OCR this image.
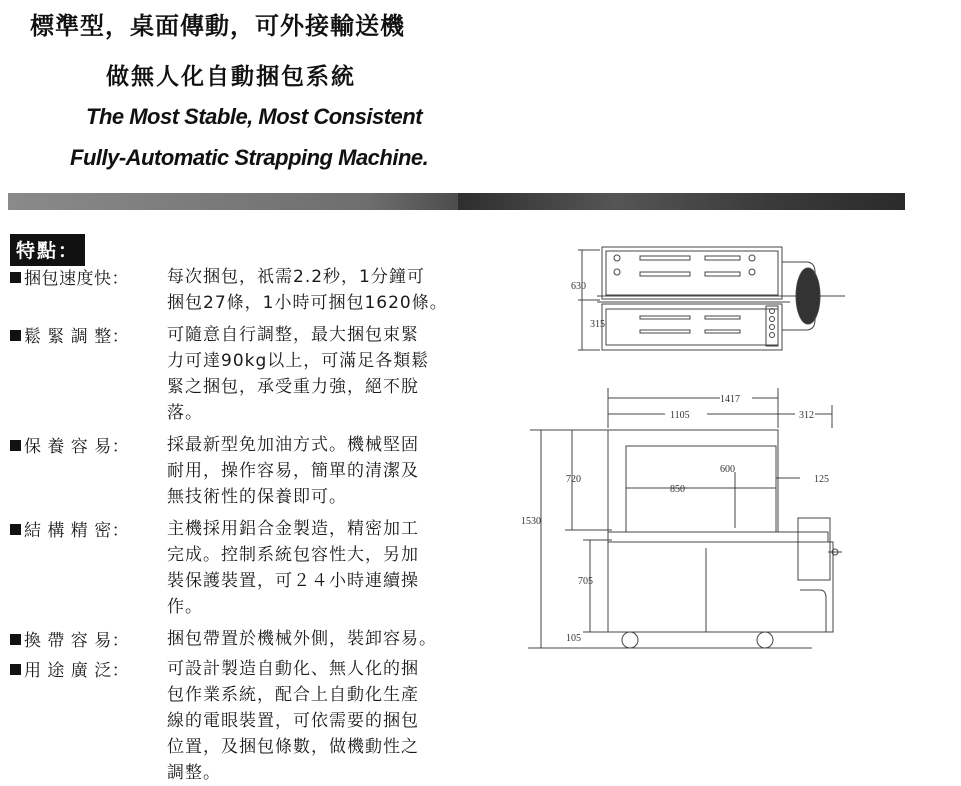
標準型，桌面傳動，可外接輸送機
做無人化自動捆包系統
The Most Stable, Most Consistent
Fully-Automatic Strapping Machine.
特點：
捆包速度快： 每次捆包，祇需2.2秒，1分鐘可
捆包27條，1小時可捆包1620條。
鬆 緊 調 整： 可隨意自行調整，最大捆包束緊
力可達90kg以上，可滿足各類鬆
緊之捆包，承受重力強，絕不脫
落。
保 養 容 易： 採最新型免加油方式。機械堅固
耐用，操作容易，簡單的清潔及
無技術性的保養即可。
結 構 精 密： 主機採用鋁合金製造，精密加工
完成。控制系統包容性大，另加
裝保護裝置，可２４小時連續操
作。
換 帶 容 易： 捆包帶置於機械外側，裝卸容易。
用 途 廣 泛： 可設計製造自動化、無人化的捆
包作業系統，配合上自動化生產
線的電眼裝置，可依需要的捆包
位置，及捆包條數，做機動性之
調整。
630
315
1417
1105	312
1530
720
850
600
125
705
105
